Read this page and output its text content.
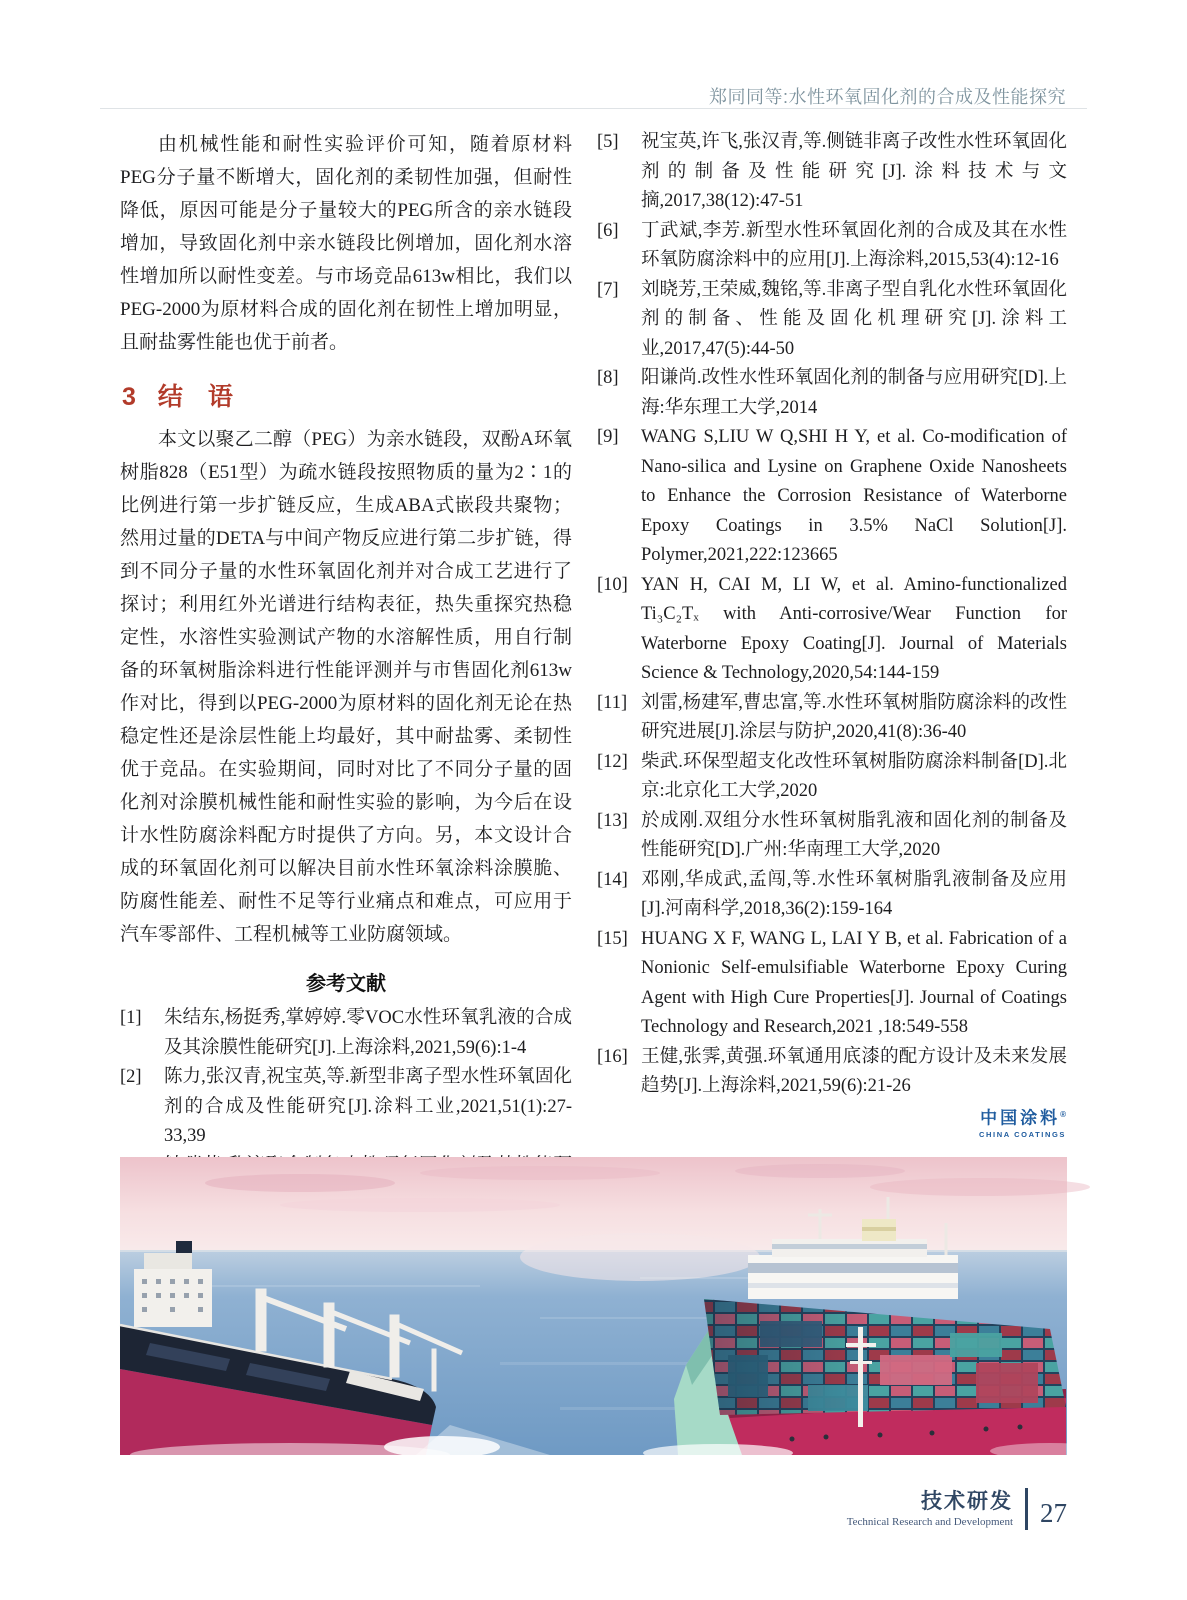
郑同同等:水性环氧固化剂的合成及性能探究

由机械性能和耐性实验评价可知，随着原材料PEG分子量不断增大，固化剂的柔韧性加强，但耐性降低，原因可能是分子量较大的PEG所含的亲水链段增加，导致固化剂中亲水链段比例增加，固化剂水溶性增加所以耐性变差。与市场竞品613w相比，我们以PEG-2000为原材料合成的固化剂在韧性上增加明显，且耐盐雾性能也优于前者。

3 结　语

本文以聚乙二醇（PEG）为亲水链段，双酚A环氧树脂828（E51型）为疏水链段按照物质的量为2∶1的比例进行第一步扩链反应，生成ABA式嵌段共聚物；然用过量的DETA与中间产物反应进行第二步扩链，得到不同分子量的水性环氧固化剂并对合成工艺进行了探讨；利用红外光谱进行结构表征，热失重探究热稳定性，水溶性实验测试产物的水溶解性质，用自行制备的环氧树脂涂料进行性能评测并与市售固化剂613w作对比，得到以PEG-2000为原材料的固化剂无论在热稳定性还是涂层性能上均最好，其中耐盐雾、柔韧性优于竞品。在实验期间，同时对比了不同分子量的固化剂对涂膜机械性能和耐性实验的影响，为今后在设计水性防腐涂料配方时提供了方向。另，本文设计合成的环氧固化剂可以解决目前水性环氧涂料涂膜脆、防腐性能差、耐性不足等行业痛点和难点，可应用于汽车零部件、工程机械等工业防腐领域。

参考文献
[1]	朱结东,杨挺秀,掌婷婷.零VOC水性环氧乳液的合成及其涂膜性能研究[J].上海涂料,2021,59(6):1-4
[2]	陈力,张汉青,祝宝英,等.新型非离子型水性环氧固化剂的合成及性能研究[J].涂料工业,2021,51(1):27-33,39
[5]	祝宝英,许飞,张汉青,等.侧链非离子改性水性环氧固化剂的制备及性能研究[J].涂料技术与文摘,2017,38(12):47-51
[6]	丁武斌,李芳.新型水性环氧固化剂的合成及其在水性环氧防腐涂料中的应用[J].上海涂料,2015,53(4):12-16
[7]	刘晓芳,王荣威,魏铭,等.非离子型自乳化水性环氧固化剂的制备、性能及固化机理研究[J].涂料工业,2017,47(5):44-50
[8]	阳谦尚.改性水性环氧固化剂的制备与应用研究[D].上海:华东理工大学,2014
[9]	WANG S,LIU W Q,SHI H Y, et al. Co-modification of Nano-silica and Lysine on Graphene Oxide Nanosheets to Enhance the Corrosion Resistance of Waterborne Epoxy Coatings in 3.5% NaCl Solution[J]. Polymer,2021,222:123665
[10] YAN H, CAI M, LI W, et al. Amino-functionalized Ti₃C₂Tₓ with Anti-corrosive/Wear Function for Waterborne Epoxy Coating[J]. Journal of Materials Science & Technology,2020,54:144-159
[11] 刘雷,杨建军,曹忠富,等.水性环氧树脂防腐涂料的改性研究进展[J].涂层与防护,2020,41(8):36-40
[12] 柴武.环保型超支化改性环氧树脂防腐涂料制备[D].北京:北京化工大学,2020
[13] 於成刚.双组分水性环氧树脂乳液和固化剂的制备及性能研究[D].广州:华南理工大学,2020
[14] 邓刚,华成武,孟闯,等.水性环氧树脂乳液制备及应用[J].河南科学,2018,36(2):159-164
[15] HUANG X F, WANG L, LAI Y B, et al. Fabrication of a Nonionic Self-emulsifiable Waterborne Epoxy Curing Agent with High Cure Properties[J]. Journal of Coatings Technology and Research,2021 ,18:549-558
[16] 王健,张霁,黄强.环氧通用底漆的配方设计及未来发展趋势[J].上海涂料,2021,59(6):21-26
中国涂料®
CHINA COATINGS
技术研发
Technical Research and Development 27
